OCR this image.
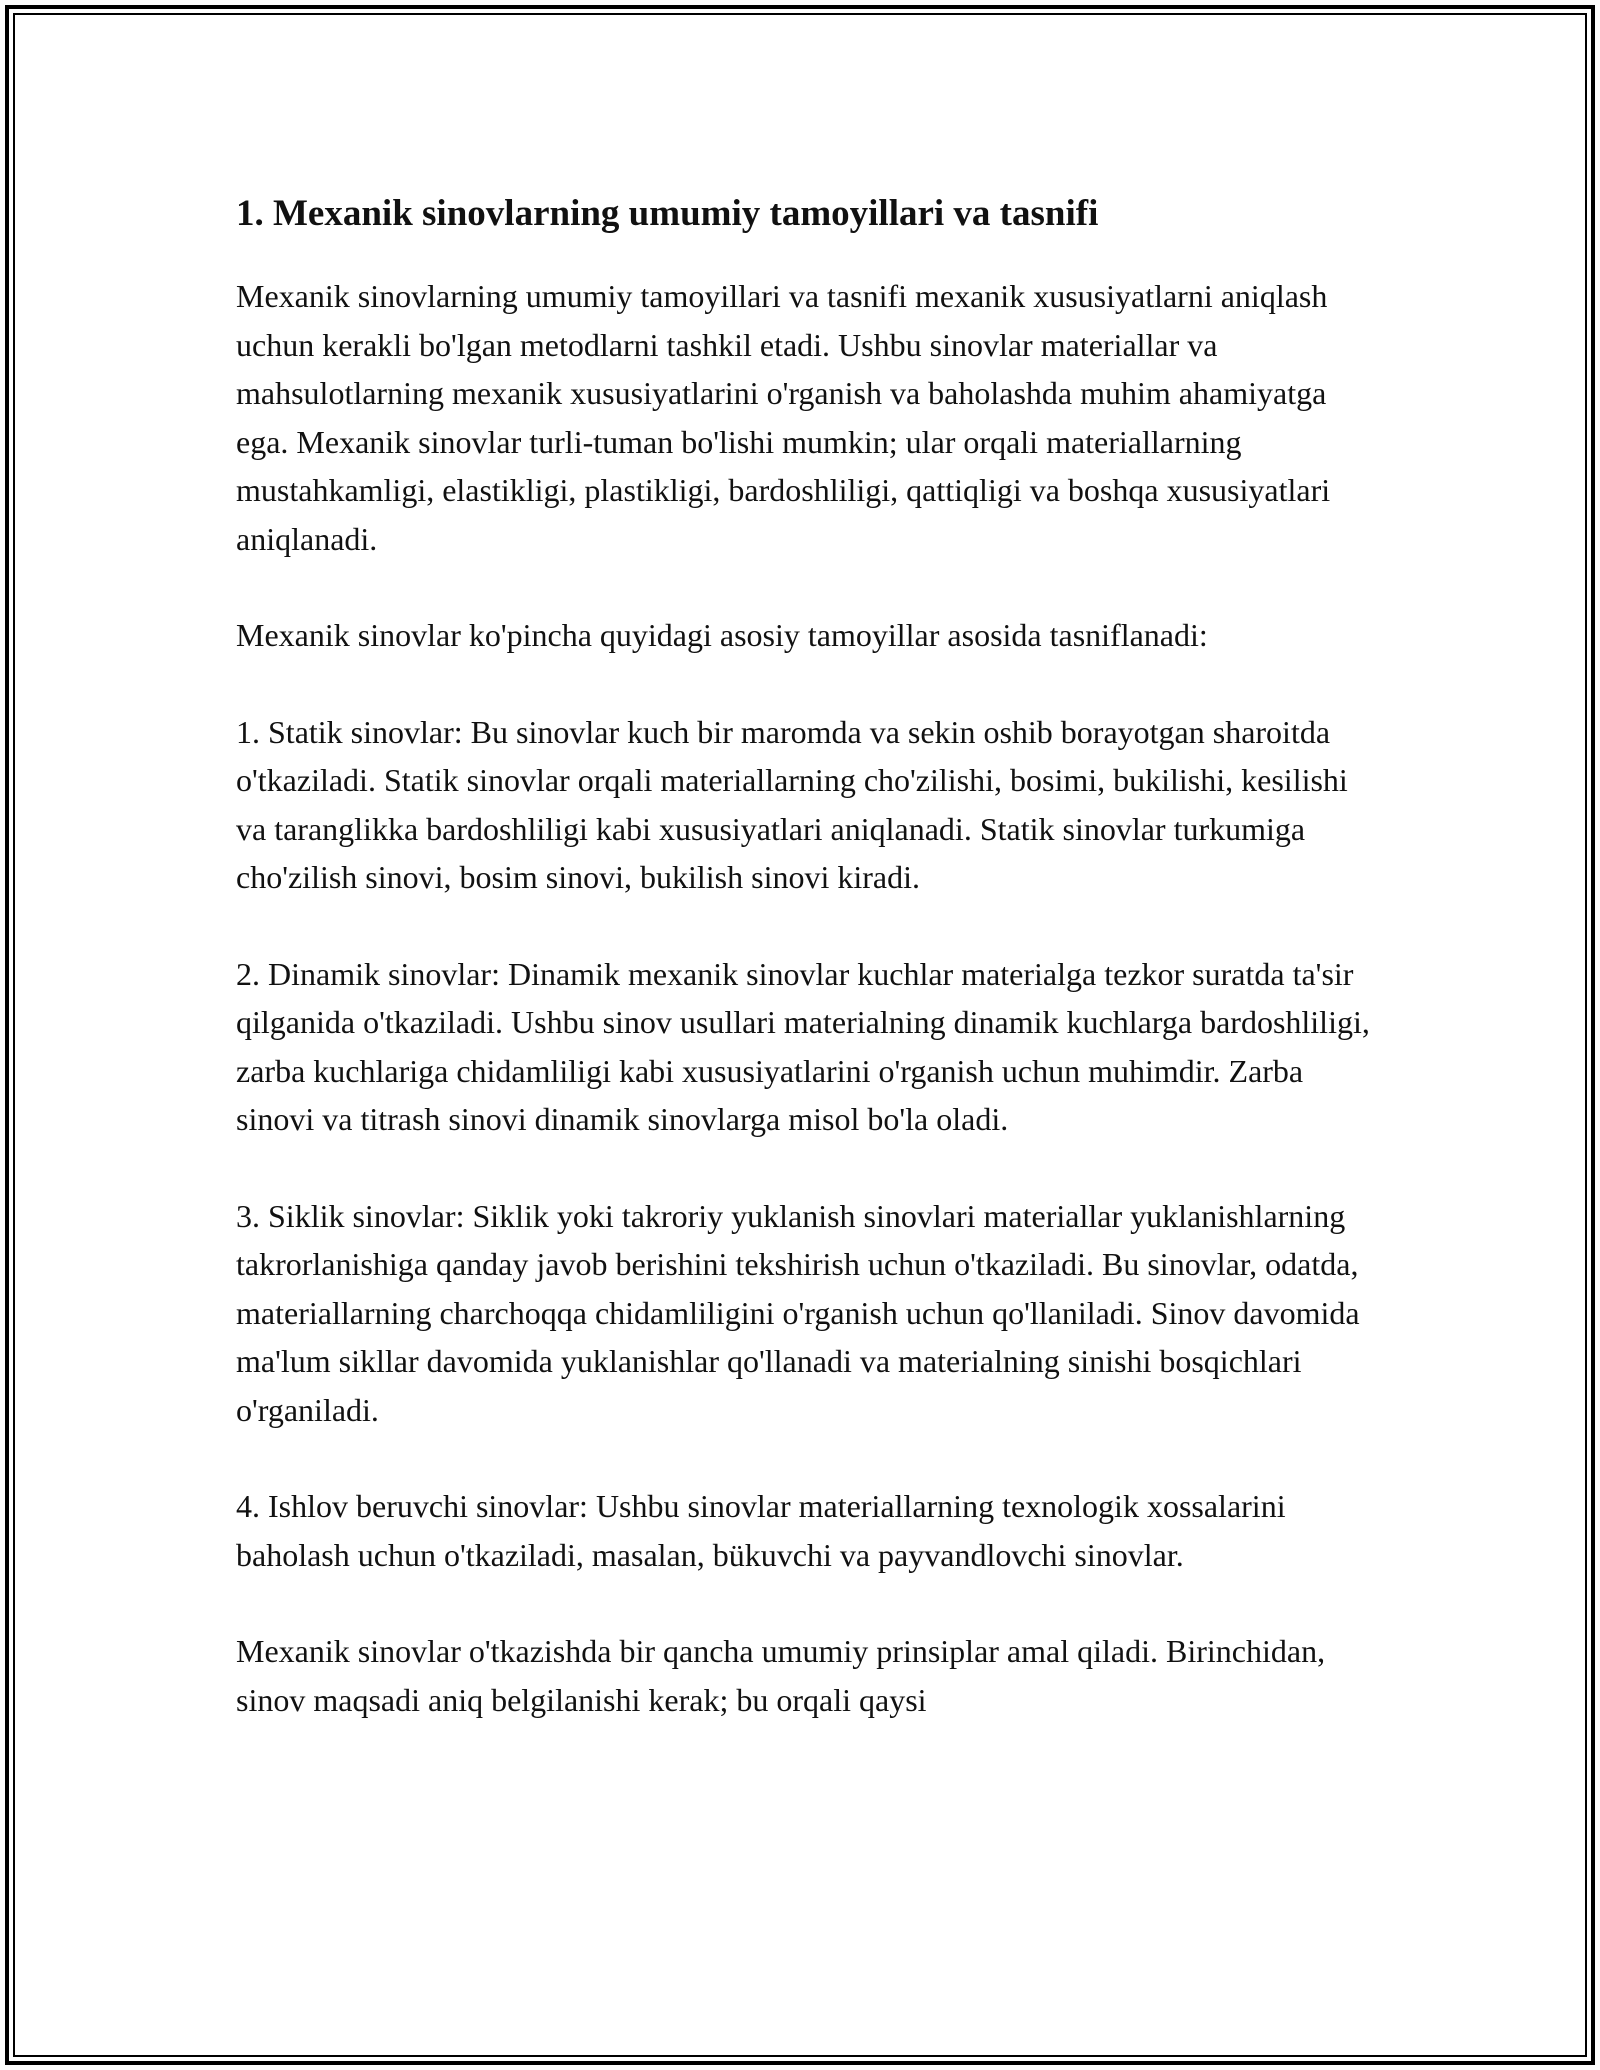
1. Mexanik sinovlarning umumiy tamoyillari va tasnifi

Mexanik sinovlarning umumiy tamoyillari va tasnifi mexanik xususiyatlarni aniqlash uchun kerakli bo'lgan metodlarni tashkil etadi. Ushbu sinovlar materiallar va mahsulotlarning mexanik xususiyatlarini o'rganish va baholashda muhim ahamiyatga ega. Mexanik sinovlar turli-tuman bo'lishi mumkin; ular orqali materiallarning mustahkamligi, elastikligi, plastikligi, bardoshliligi, qattiqligi va boshqa xususiyatlari aniqlanadi.

Mexanik sinovlar ko'pincha quyidagi asosiy tamoyillar asosida tasniflanadi:

1. Statik sinovlar: Bu sinovlar kuch bir maromda va sekin oshib borayotgan sharoitda o'tkaziladi. Statik sinovlar orqali materiallarning cho'zilishi, bosimi, bukilishi, kesilishi va taranglikka bardoshliligi kabi xususiyatlari aniqlanadi. Statik sinovlar turkumiga cho'zilish sinovi, bosim sinovi, bukilish sinovi kiradi.

2. Dinamik sinovlar: Dinamik mexanik sinovlar kuchlar materialga tezkor suratda ta'sir qilganida o'tkaziladi. Ushbu sinov usullari materialning dinamik kuchlarga bardoshliligi, zarba kuchlariga chidamliligi kabi xususiyatlarini o'rganish uchun muhimdir. Zarba sinovi va titrash sinovi dinamik sinovlarga misol bo'la oladi.

3. Siklik sinovlar: Siklik yoki takroriy yuklanish sinovlari materiallar yuklanishlarning takrorlanishiga qanday javob berishini tekshirish uchun o'tkaziladi. Bu sinovlar, odatda, materiallarning charchoqqa chidamliligini o'rganish uchun qo'llaniladi. Sinov davomida ma'lum sikllar davomida yuklanishlar qo'llanadi va materialning sinishi bosqichlari o'rganiladi.

4. Ishlov beruvchi sinovlar: Ushbu sinovlar materiallarning texnologik xossalarini baholash uchun o'tkaziladi, masalan, bükuvchi va payvandlovchi sinovlar.

Mexanik sinovlar o'tkazishda bir qancha umumiy prinsiplar amal qiladi. Birinchidan, sinov maqsadi aniq belgilanishi kerak; bu orqali qaysi
